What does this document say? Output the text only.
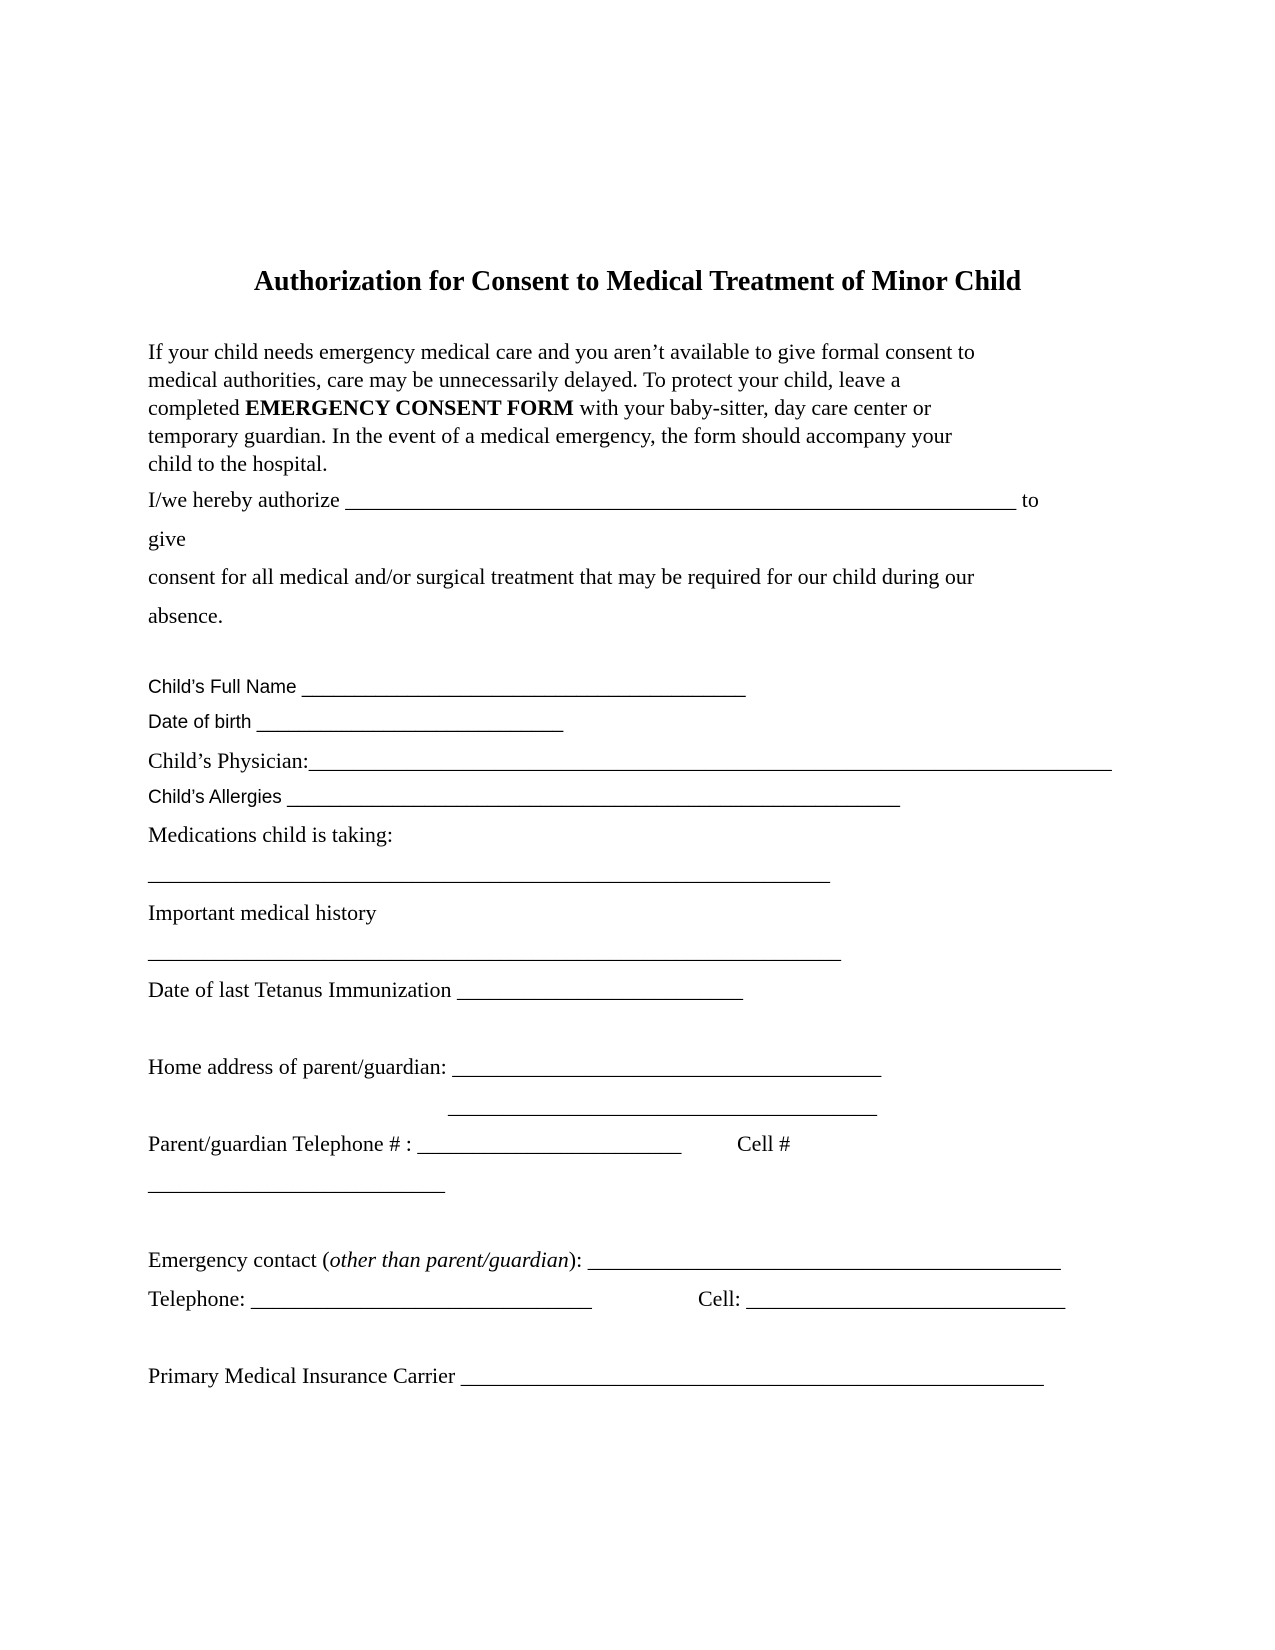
Authorization for Consent to Medical Treatment of Minor Child
If your child needs emergency medical care and you aren’t available to give formal consent to
medical authorities, care may be unnecessarily delayed. To protect your child, leave a
completed EMERGENCY CONSENT FORM with your baby-sitter, day care center or
temporary guardian. In the event of a medical emergency, the form should accompany your
child to the hospital.
I/we hereby authorize _____________________________________________________________ to
give
consent for all medical and/or surgical treatment that may be required for our child during our
absence.
Child’s Full Name __________________________________________
Date of birth _____________________________
Child’s Physician:_________________________________________________________________________
Child’s Allergies __________________________________________________________
Medications child is taking:
______________________________________________________________
Important medical history
_______________________________________________________________
Date of last Tetanus Immunization __________________________
Home address of parent/guardian: _______________________________________
_______________________________________
Parent/guardian Telephone # : ________________________	Cell #
___________________________
Emergency contact (other than parent/guardian): ___________________________________________
Telephone: _______________________________	Cell: _____________________________
Primary Medical Insurance Carrier _____________________________________________________
